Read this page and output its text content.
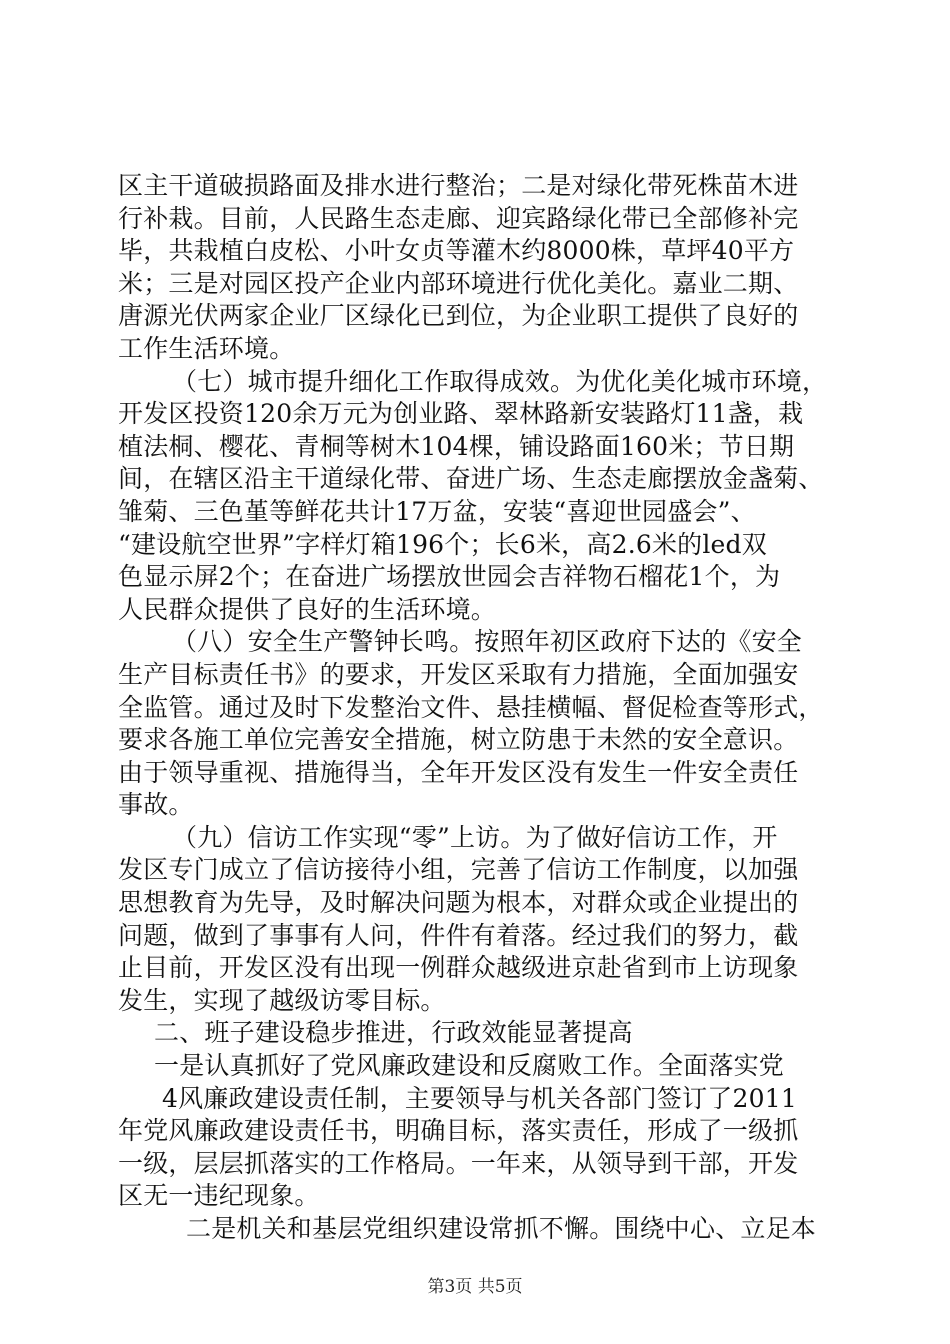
区主干道破损路面及排水进行整治；二是对绿化带死株苗木进
行补栽。目前，人民路生态走廊、迎宾路绿化带已全部修补完
毕，共栽植白皮松、小叶女贞等灌木约8000株，草坪40平方
米；三是对园区投产企业内部环境进行优化美化。嘉业二期、
唐源光伏两家企业厂区绿化已到位，为企业职工提供了良好的
工作生活环境。
（七）城市提升细化工作取得成效。为优化美化城市环境，
开发区投资120余万元为创业路、翠林路新安装路灯11盏，栽
植法桐、樱花、青桐等树木104棵，铺设路面160米；节日期
间，在辖区沿主干道绿化带、奋进广场、生态走廊摆放金盏菊、
雏菊、三色堇等鲜花共计17万盆，安装“喜迎世园盛会”、
“建设航空世界”字样灯箱196个；长6米，高2.6米的led双
色显示屏2个；在奋进广场摆放世园会吉祥物石榴花1个，为
人民群众提供了良好的生活环境。
（八）安全生产警钟长鸣。按照年初区政府下达的《安全
生产目标责任书》的要求，开发区采取有力措施，全面加强安
全监管。通过及时下发整治文件、悬挂横幅、督促检查等形式，
要求各施工单位完善安全措施，树立防患于未然的安全意识。
由于领导重视、措施得当，全年开发区没有发生一件安全责任
事故。
（九）信访工作实现“零”上访。为了做好信访工作，开
发区专门成立了信访接待小组，完善了信访工作制度，以加强
思想教育为先导，及时解决问题为根本，对群众或企业提出的
问题，做到了事事有人问，件件有着落。经过我们的努力，截
止目前，开发区没有出现一例群众越级进京赴省到市上访现象
发生，实现了越级访零目标。
二、班子建设稳步推进，行政效能显著提高
一是认真抓好了党风廉政建设和反腐败工作。全面落实党
4风廉政建设责任制，主要领导与机关各部门签订了2011
年党风廉政建设责任书，明确目标，落实责任，形成了一级抓
一级，层层抓落实的工作格局。一年来，从领导到干部，开发
区无一违纪现象。
二是机关和基层党组织建设常抓不懈。围绕中心、立足本
第3页 共5页
